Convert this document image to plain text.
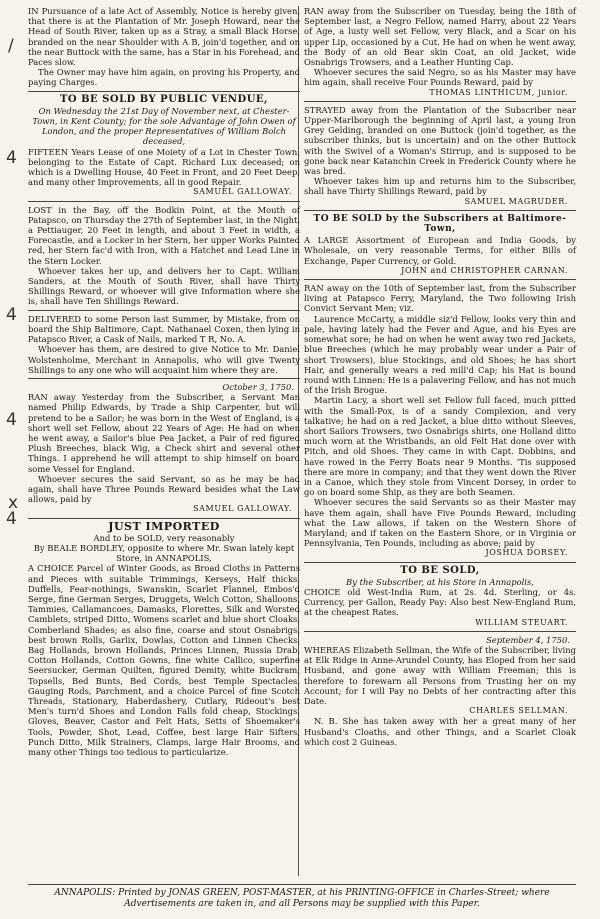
/
4
4
4
x
4

IN Pursuance of a late Act of Assembly, Notice is hereby given, that there is at the Plantation of Mr. Joseph Howard, near the Head of South River, taken up as a Stray, a small Black Horse, branded on the near Shoulder with A B, join'd together, and on the near Buttock with the same, has a Star in his Forehead, and Paces slow.

The Owner may have him again, on proving his Property, and paying Charges.

TO BE SOLD BY PUBLIC VENDUE,

On Wednesday the 21st Day of November next, at Chester-Town, in Kent County; for the sole Advantage of John Owen of London, and the proper Representatives of William Bolch deceased,

FIFTEEN Years Lease of one Moiety of a Lot in Chester Town, belonging to the Estate of Capt. Richard Lux deceased; on which is a Dwelling House, 40 Feet in Front, and 20 Feet Deep, and many other Improvements, all in good Repair.

SAMUEL GALLOWAY.

LOST in the Bay, off the Bodkin Point, at the Mouth of Patapsco, on Thursday the 27th of September last, in the Night, a Pettiauger, 20 Feet in length, and about 3 Feet in width, a Forecastle, and a Locker in her Stern, her upper Works Painted red, her Stern fac'd with Iron, with a Hatchet and Lead Line in the Stern Locker.

Whoever takes her up, and delivers her to Capt. William Sanders, at the Mouth of South River, shall have Thirty Shillings Reward, or whoever will give Information where she is, shall have Ten Shillings Reward.

DELIVERED to some Person last Summer, by Mistake, from on board the Ship Baltimore, Capt. Nathanael Coxen, then lying in Patapsco River, a Cask of Nails, marked T R, No. A.

Whoever has them, are desired to give Notice to Mr. Daniel Wolstenholme, Merchant in Annapolis, who will give Twenty Shillings to any one who will acquaint him where they are.

October 3, 1750.

RAN away Yesterday from the Subscriber, a Servant Man named Philip Edwards, by Trade a Ship Carpenter, but will pretend to be a Sailor; he was born in the West of England, is a short well set Fellow, about 22 Years of Age: He had on when he went away, a Sailor's blue Pea Jacket, a Pair of red figured Plush Breeches, black Wig, a Check shirt and several other Things. I apprehend he will attempt to ship himself on board some Vessel for England.

Whoever secures the said Servant, so as he may be had again, shall have Three Pounds Reward besides what the Law allows, paid by

SAMUEL GALLOWAY.
JUST IMPORTED
And to be SOLD, very reasonably
By BEALE BORDLEY, opposite to where Mr. Swan lately kept Store, in ANNAPOLIS,

A CHOICE Parcel of Winter Goods, as Broad Cloths in Patterns and Pieces with suitable Trimmings, Kerseys, Half thicks, Duffells, Fear-nothings, Swanskin, Scarlet Flannel, Embos'd Serge, fine German Serges, Druggets, Welch Cotton, Shalloons, Tammies, Callamancoes, Damasks, Florettes, Silk and Worsted Camblets, striped Ditto, Womens scarlet and blue short Cloaks, Comberland Shades; as also fine, coarse and stout Osnabrigs, best brown Rolls, Garlix, Dowlas, Cotton and Linnen Checks, Bag Hollands, brown Hollands, Princes Linnen, Russia Drab, Cotton Hollands, Cotton Gowns, fine white Callico, superfine Seersucker, German Quilten, figured Demity, white Buckram, Topsells, Bed Bunts, Bed Cords, best Temple Spectacles, Gauging Rods, Parchment, and a choice Parcel of fine Scotch Threads, Stationary, Haberdashery, Cutlary, Rideout's best Men's turn'd Shoes and London Falls fold cheap, Stockings, Gloves, Beaver, Castor and Felt Hats, Setts of Shoemaker's Tools, Powder, Shot, Lead, Coffee, best large Hair Sifters, Punch Ditto, Milk Strainers, Clamps, large Hair Brooms, and many other Things too tedious to particularize.

RAN away from the Subscriber on Tuesday, being the 18th of September last, a Negro Fellow, named Harry, about 22 Years of Age, a lusty well set Fellow, very Black, and a Scar on his upper Lip, occasioned by a Cut. He had on when he went away, the Body of an old Bear skin Coat, an old Jacket, wide Osnabrigs Trowsers, and a Leather Hunting Cap.

Whoever secures the said Negro, so as his Master may have him again, shall receive Four Pounds Reward, paid by

THOMAS LINTHICUM, junior.

STRAYED away from the Plantation of the Subscriber near Upper-Marlborough the beginning of April last, a young Iron Grey Gelding, branded on one Buttock (join'd together, as the subscriber thinks, but is uncertain) and on the other Buttock with the Swivel of a Woman's Stirrup, and is supposed to be gone back near Katanchin Creek in Frederick County where he was bred.

Whoever takes him up and returns him to the Subscriber, shall have Thirty Shillings Reward, paid by

SAMUEL MAGRUDER.
TO BE SOLD by the Subscribers at Baltimore-Town,

A LARGE Assortment of European and India Goods, by Wholesale, on very reasonable Terms, for either Bills of Exchange, Paper Currency, or Gold.

JOHN and CHRISTOPHER CARNAN.

RAN away on the 10th of September last, from the Subscriber living at Patapsco Ferry, Maryland, the Two following Irish Convict Servant Men; viz.

Laurence McCarty, a middle siz'd Fellow, looks very thin and pale, having lately had the Fever and Ague, and his Eyes are somewhat sore; he had on when he went away two red Jackets, blue Breeches (which he may probably wear under a Pair of short Trowsers), blue Stockings, and old Shoes; he has short Hair, and generally wears a red mill'd Cap; his Hat is bound round with Linnen: He is a palavering Fellow, and has not much of the Irish Brogue.

Martin Lacy, a short well set Fellow full faced, much pitted with the Small-Pox, is of a sandy Complexion, and very talkative; he had on a red Jacket, a blue ditto without Sleeves, short Sailors Trowsers, two Osnabrigs shirts, one Holland ditto much worn at the Wristbands, an old Felt Hat done over with Pitch, and old Shoes. They came in with Capt. Dobbins, and have rowed in the Ferry Boats near 9 Months. 'Tis supposed there are more in company; and that they went down the River in a Canoe, which they stole from Vincent Dorsey, in order to go on board some Ship, as they are both Seamen.

Whoever secures the said Servants so as their Master may have them again, shall have Five Pounds Reward, including what the Law allows, if taken on the Western Shore of Maryland; and if taken on the Eastern Shore, or in Virginia or Pennsylvania, Ten Pounds, including as above; paid by

JOSHUA DORSEY.
TO BE SOLD,
By the Subscriber, at his Store in Annapolis,

CHOICE old West-India Rum, at 2s. 4d. Sterling, or 4s. Currency, per Gallon, Ready Pay: Also best New-England Rum, at the cheapest Rates.

WILLIAM STEUART.
September 4, 1750.

WHEREAS Elizabeth Sellman, the Wife of the Subscriber, living at Elk Ridge in Anne-Arundel County, has Eloped from her said Husband, and gone away with William Freeman; this is therefore to forewarn all Persons from Trusting her on my Account; for I will Pay no Debts of her contracting after this Date.

CHARLES SELLMAN.

N. B. She has taken away with her a great many of her Husband's Cloaths, and other Things, and a Scarlet Cloak which cost 2 Guineas.

ANNAPOLIS: Printed by JONAS GREEN, POST-MASTER, at his PRINTING-OFFICE in Charles-Street; where Advertisements are taken in, and all Persons may be supplied with this Paper.
